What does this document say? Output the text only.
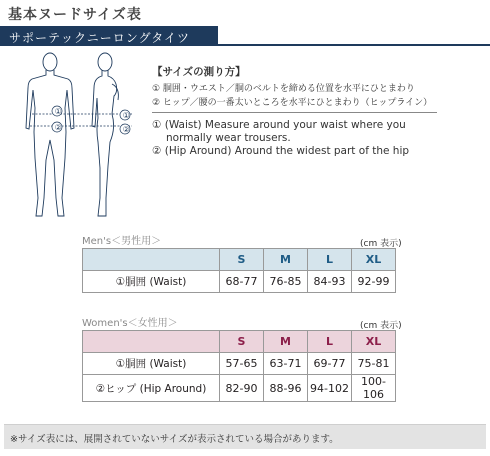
基本ヌードサイズ表
サポーテックニーロングタイツ
①
②
①
②
【サイズの測り方】
① 胴囲・ウエスト／胴のベルトを締める位置を水平にひとまわり
② ヒップ／腰の一番太いところを水平にひとまわり（ヒップライン）
① (Waist) Measure around your waist where you
normally wear trousers.
② (Hip Around) Around the widest part of the hip
Men's＜男性用＞	(cm 表示)
	S	M	L	XL
①胴囲 (Waist)	68-77	76-85	84-93	92-99
Women's＜女性用＞	(cm 表示)
	S	M	L	XL
①胴囲 (Waist)	57-65	63-71	69-77	75-81
②ヒップ (Hip Around)	82-90	88-96	94-102	100-106
※サイズ表には、展開されていないサイズが表示されている場合があります。
